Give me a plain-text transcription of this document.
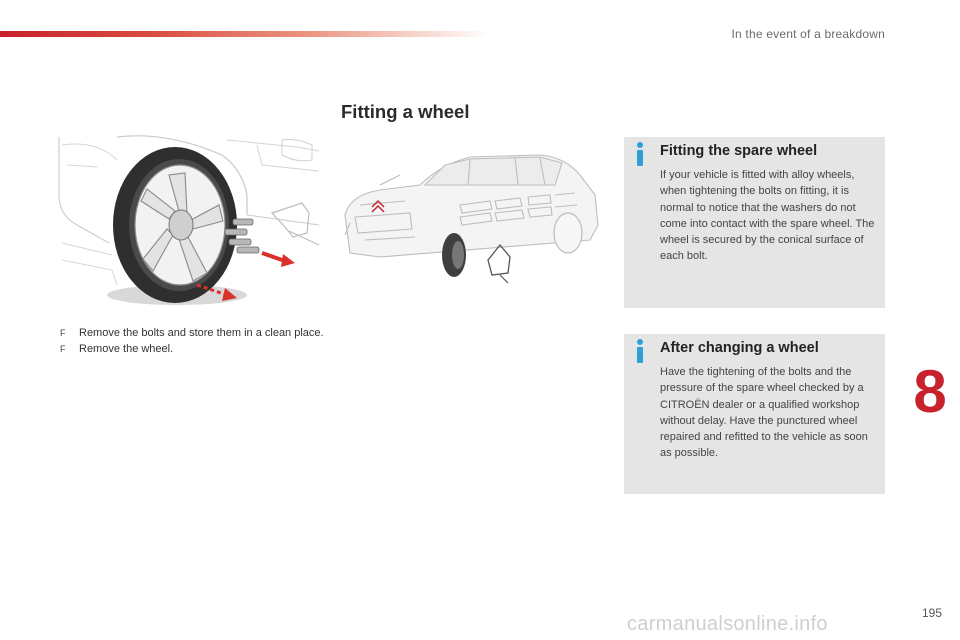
In the event of a breakdown
Fitting a wheel
F Remove the bolts and store them in a clean place.
F Remove the wheel.
Fitting the spare wheel

If your vehicle is fitted with alloy wheels, when tightening the bolts on fitting, it is normal to notice that the washers do not come into contact with the spare wheel. The wheel is secured by the conical surface of each bolt.

After changing a wheel

Have the tightening of the bolts and the pressure of the spare wheel checked by a CITROËN dealer or a qualified workshop without delay. Have the punctured wheel repaired and refitted to the vehicle as soon as possible.

8
carmanualsonline.info	195
